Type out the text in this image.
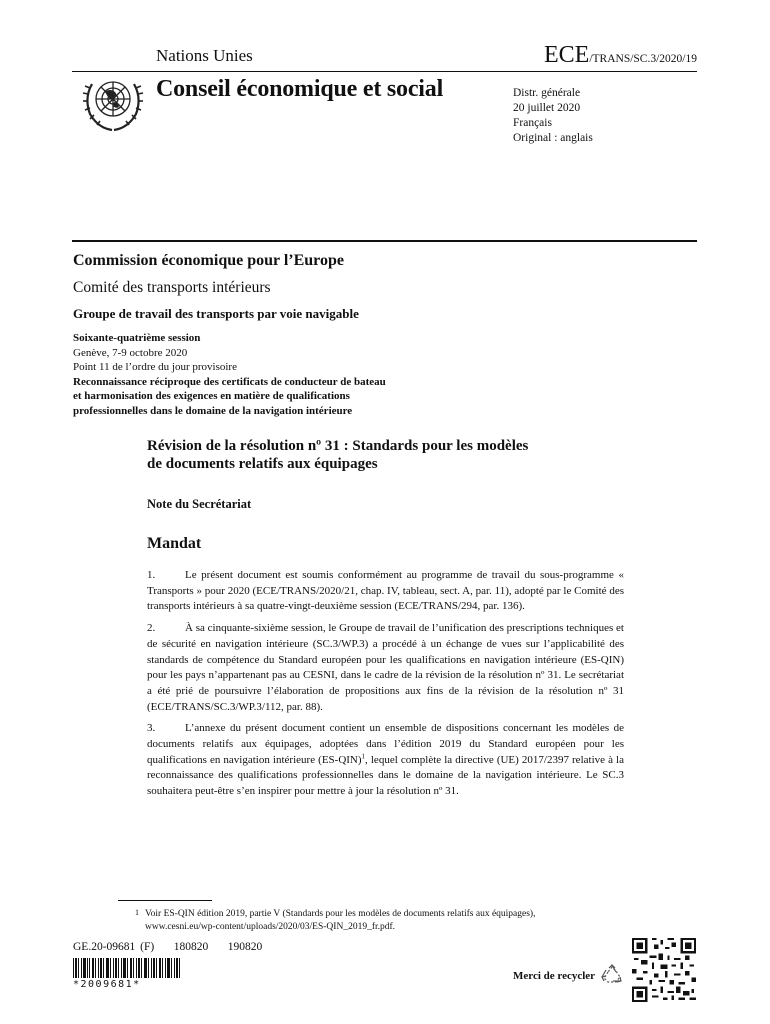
Nations Unies	ECE/TRANS/SC.3/2020/19
Conseil économique et social	Distr. générale
20 juillet 2020
Français
Original : anglais
Commission économique pour l’Europe
Comité des transports intérieurs
Groupe de travail des transports par voie navigable
Soixante-quatrième session
Genève, 7-9 octobre 2020
Point 11 de l’ordre du jour provisoire
Reconnaissance réciproque des certificats de conducteur de bateau
et harmonisation des exigences en matière de qualifications
professionnelles dans le domaine de la navigation intérieure
Révision de la résolution nº 31 : Standards pour les modèles
de documents relatifs aux équipages
Note du Secrétariat
Mandat

1.	Le présent document est soumis conformément au programme de travail du sous-programme « Transports » pour 2020 (ECE/TRANS/2020/21, chap. IV, tableau, sect. A, par. 11), adopté par le Comité des transports intérieurs à sa quatre-vingt-deuxième session (ECE/TRANS/294, par. 136).

2.	À sa cinquante-sixième session, le Groupe de travail de l’unification des prescriptions techniques et de sécurité en navigation intérieure (SC.3/WP.3) a procédé à un échange de vues sur l’applicabilité des standards de compétence du Standard européen pour les qualifications en navigation intérieure (ES-QIN) pour les pays n’appartenant pas au CESNI, dans le cadre de la révision de la résolution nº 31. Le secrétariat a été prié de poursuivre l’élaboration de propositions aux fins de la révision de la résolution nº 31 (ECE/TRANS/SC.3/WP.3/112, par. 88).

3.	L’annexe du présent document contient un ensemble de dispositions concernant les modèles de documents relatifs aux équipages, adoptées dans l’édition 2019 du Standard européen pour les qualifications en navigation intérieure $(ES-QIN)^1$, lequel complète la directive (UE) 2017/2397 relative à la reconnaissance des qualifications professionnelles dans le domaine de la navigation intérieure. Le SC.3 souhaitera peut-être s’en inspirer pour mettre à jour la résolution nº 31.

1 Voir ES-QIN édition 2019, partie V (Standards pour les modèles de documents relatifs aux équipages), www.cesni.eu/wp-content/uploads/2020/03/ES-QIN_2019_fr.pdf.
GE.20-09681 (F) 180820 190820
*2009681*
Merci de recycler
